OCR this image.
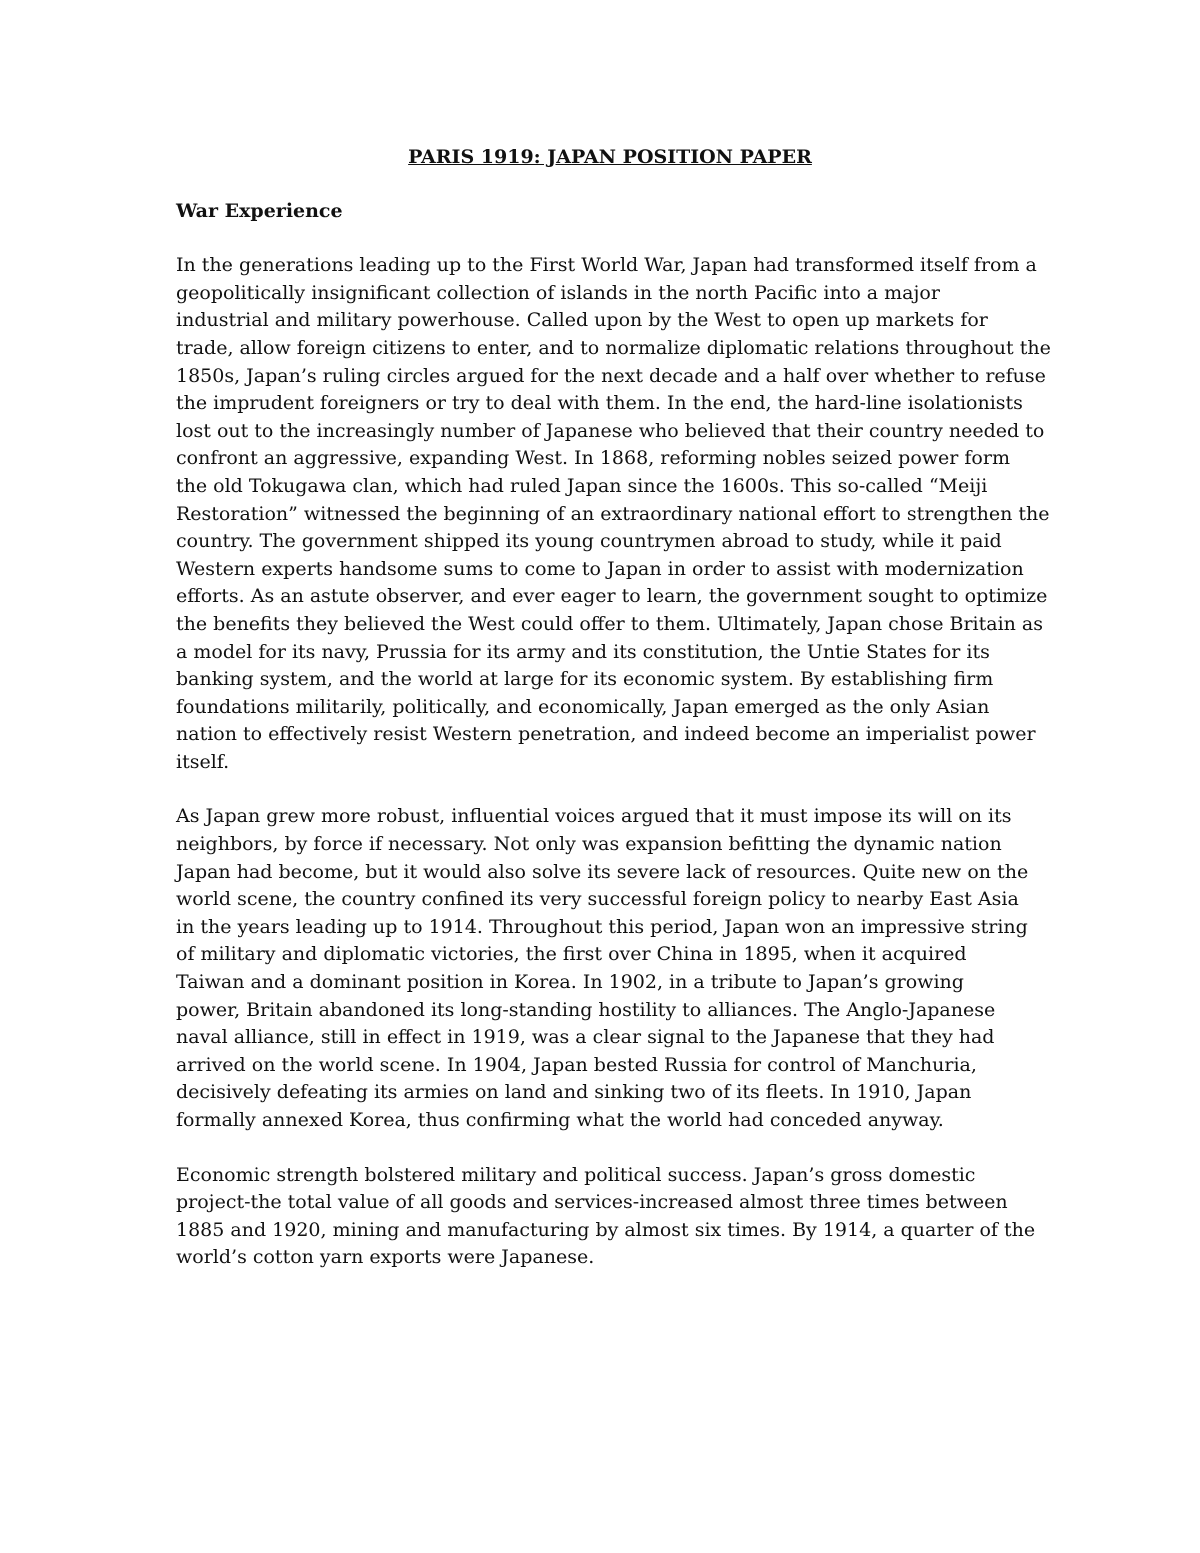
PARIS 1919: JAPAN POSITION PAPER

War Experience

In the generations leading up to the First World War, Japan had transformed itself from a
geopolitically insignificant collection of islands in the north Pacific into a major
industrial and military powerhouse. Called upon by the West to open up markets for
trade, allow foreign citizens to enter, and to normalize diplomatic relations throughout the
1850s, Japan’s ruling circles argued for the next decade and a half over whether to refuse
the imprudent foreigners or try to deal with them. In the end, the hard-line isolationists
lost out to the increasingly number of Japanese who believed that their country needed to
confront an aggressive, expanding West. In 1868, reforming nobles seized power form
the old Tokugawa clan, which had ruled Japan since the 1600s. This so-called “Meiji
Restoration” witnessed the beginning of an extraordinary national effort to strengthen the
country. The government shipped its young countrymen abroad to study, while it paid
Western experts handsome sums to come to Japan in order to assist with modernization
efforts. As an astute observer, and ever eager to learn, the government sought to optimize
the benefits they believed the West could offer to them. Ultimately, Japan chose Britain as
a model for its navy, Prussia for its army and its constitution, the Untie States for its
banking system, and the world at large for its economic system. By establishing firm
foundations militarily, politically, and economically, Japan emerged as the only Asian
nation to effectively resist Western penetration, and indeed become an imperialist power
itself.

As Japan grew more robust, influential voices argued that it must impose its will on its
neighbors, by force if necessary. Not only was expansion befitting the dynamic nation
Japan had become, but it would also solve its severe lack of resources. Quite new on the
world scene, the country confined its very successful foreign policy to nearby East Asia
in the years leading up to 1914. Throughout this period, Japan won an impressive string
of military and diplomatic victories, the first over China in 1895, when it acquired
Taiwan and a dominant position in Korea. In 1902, in a tribute to Japan’s growing
power, Britain abandoned its long-standing hostility to alliances. The Anglo-Japanese
naval alliance, still in effect in 1919, was a clear signal to the Japanese that they had
arrived on the world scene. In 1904, Japan bested Russia for control of Manchuria,
decisively defeating its armies on land and sinking two of its fleets. In 1910, Japan
formally annexed Korea, thus confirming what the world had conceded anyway.

Economic strength bolstered military and political success. Japan’s gross domestic
project-the total value of all goods and services-increased almost three times between
1885 and 1920, mining and manufacturing by almost six times. By 1914, a quarter of the
world’s cotton yarn exports were Japanese.
